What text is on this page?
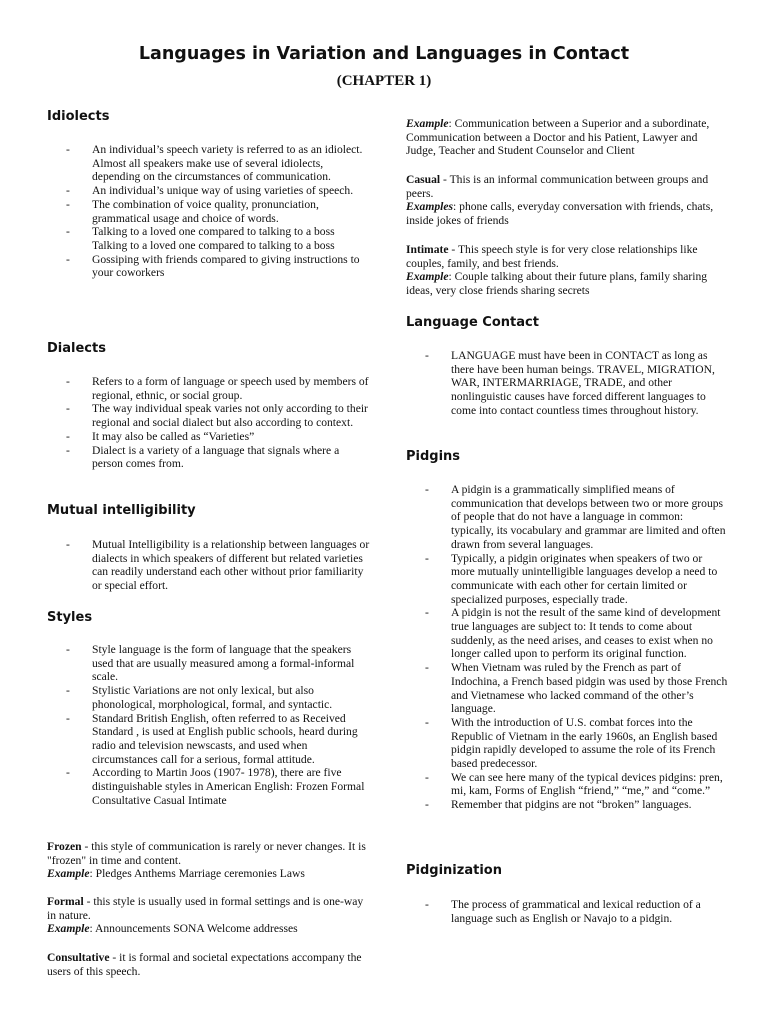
Languages in Variation and Languages in Contact
(CHAPTER 1)
Idiolects
- An individual’s speech variety is referred to as an idiolect. Almost all speakers make use of several idiolects, depending on the circumstances of communication.
- An individual’s unique way of using varieties of speech.
- The combination of voice quality, pronunciation, grammatical usage and choice of words.
- Talking to a loved one compared to talking to a boss Talking to a loved one compared to talking to a boss
- Gossiping with friends compared to giving instructions to your coworkers
Dialects
- Refers to a form of language or speech used by members of regional, ethnic, or social group.
- The way individual speak varies not only according to their regional and social dialect but also according to context.
- It may also be called as “Varieties”
- Dialect is a variety of a language that signals where a person comes from.
Mutual intelligibility
- Mutual Intelligibility is a relationship between languages or dialects in which speakers of different but related varieties can readily understand each other without prior familiarity or special effort.
Styles
- Style language is the form of language that the speakers used that are usually measured among a formal-informal scale.
- Stylistic Variations are not only lexical, but also phonological, morphological, formal, and syntactic.
- Standard British English, often referred to as Received Standard , is used at English public schools, heard during radio and television newscasts, and used when circumstances call for a serious, formal attitude.
- According to Martin Joos (1907- 1978), there are five distinguishable styles in American English: Frozen Formal Consultative Casual Intimate
Frozen - this style of communication is rarely or never changes. It is "frozen" in time and content.
Example: Pledges Anthems Marriage ceremonies Laws
Formal - this style is usually used in formal settings and is one-way in nature.
Example: Announcements SONA Welcome addresses
Consultative - it is formal and societal expectations accompany the users of this speech.
Example: Communication between a Superior and a subordinate, Communication between a Doctor and his Patient, Lawyer and Judge, Teacher and Student Counselor and Client
Casual - This is an informal communication between groups and peers.
Examples: phone calls, everyday conversation with friends, chats, inside jokes of friends
Intimate - This speech style is for very close relationships like couples, family, and best friends.
Example: Couple talking about their future plans, family sharing ideas, very close friends sharing secrets
Language Contact
- LANGUAGE must have been in CONTACT as long as there have been human beings. TRAVEL, MIGRATION, WAR, INTERMARRIAGE, TRADE, and other nonlinguistic causes have forced different languages to come into contact countless times throughout history.
Pidgins
- A pidgin is a grammatically simplified means of communication that develops between two or more groups of people that do not have a language in common: typically, its vocabulary and grammar are limited and often drawn from several languages.
- Typically, a pidgin originates when speakers of two or more mutually unintelligible languages develop a need to communicate with each other for certain limited or specialized purposes, especially trade.
- A pidgin is not the result of the same kind of development true languages are subject to: It tends to come about suddenly, as the need arises, and ceases to exist when no longer called upon to perform its original function.
- When Vietnam was ruled by the French as part of Indochina, a French based pidgin was used by those French and Vietnamese who lacked command of the other’s language.
- With the introduction of U.S. combat forces into the Republic of Vietnam in the early 1960s, an English based pidgin rapidly developed to assume the role of its French based predecessor.
- We can see here many of the typical devices pidgins: pren, mi, kam, Forms of English “friend,” “me,” and “come.”
- Remember that pidgins are not “broken” languages.
Pidginization
- The process of grammatical and lexical reduction of a language such as English or Navajo to a pidgin.
